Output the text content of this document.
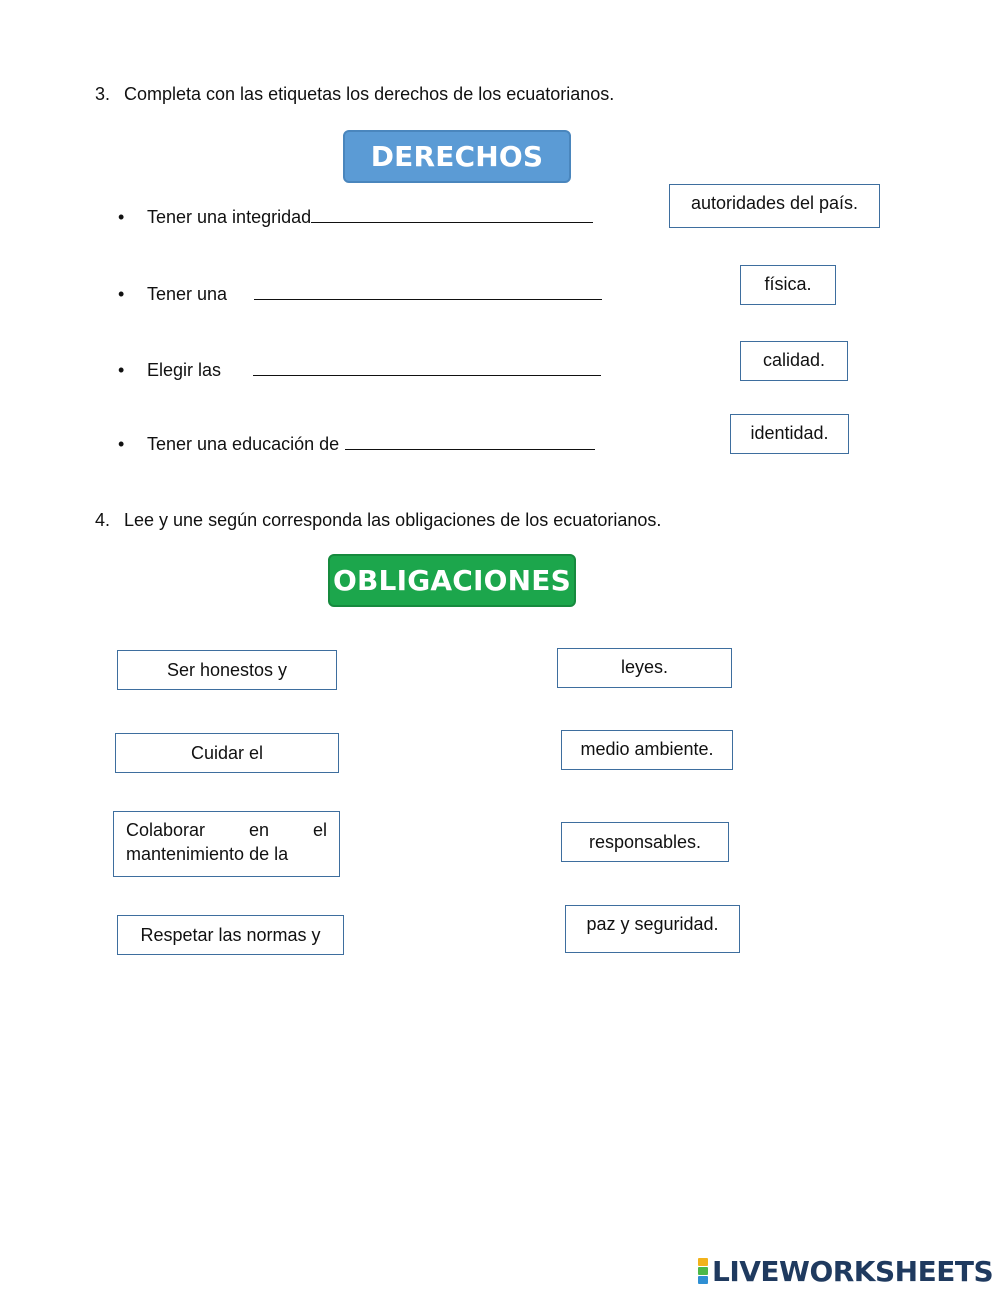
3. Completa con las etiquetas los derechos de los ecuatorianos.
DERECHOS
• Tener una integridad
• Tener una
• Elegir las
• Tener una educación de
autoridades del país.
física.
calidad.
identidad.
4. Lee y une según corresponda las obligaciones de los ecuatorianos.
OBLIGACIONES
Ser honestos y
Cuidar el
Colaborar en el
mantenimiento de la
Respetar las normas y
leyes.
medio ambiente.
responsables.
paz y seguridad.
LIVEWORKSHEETS
